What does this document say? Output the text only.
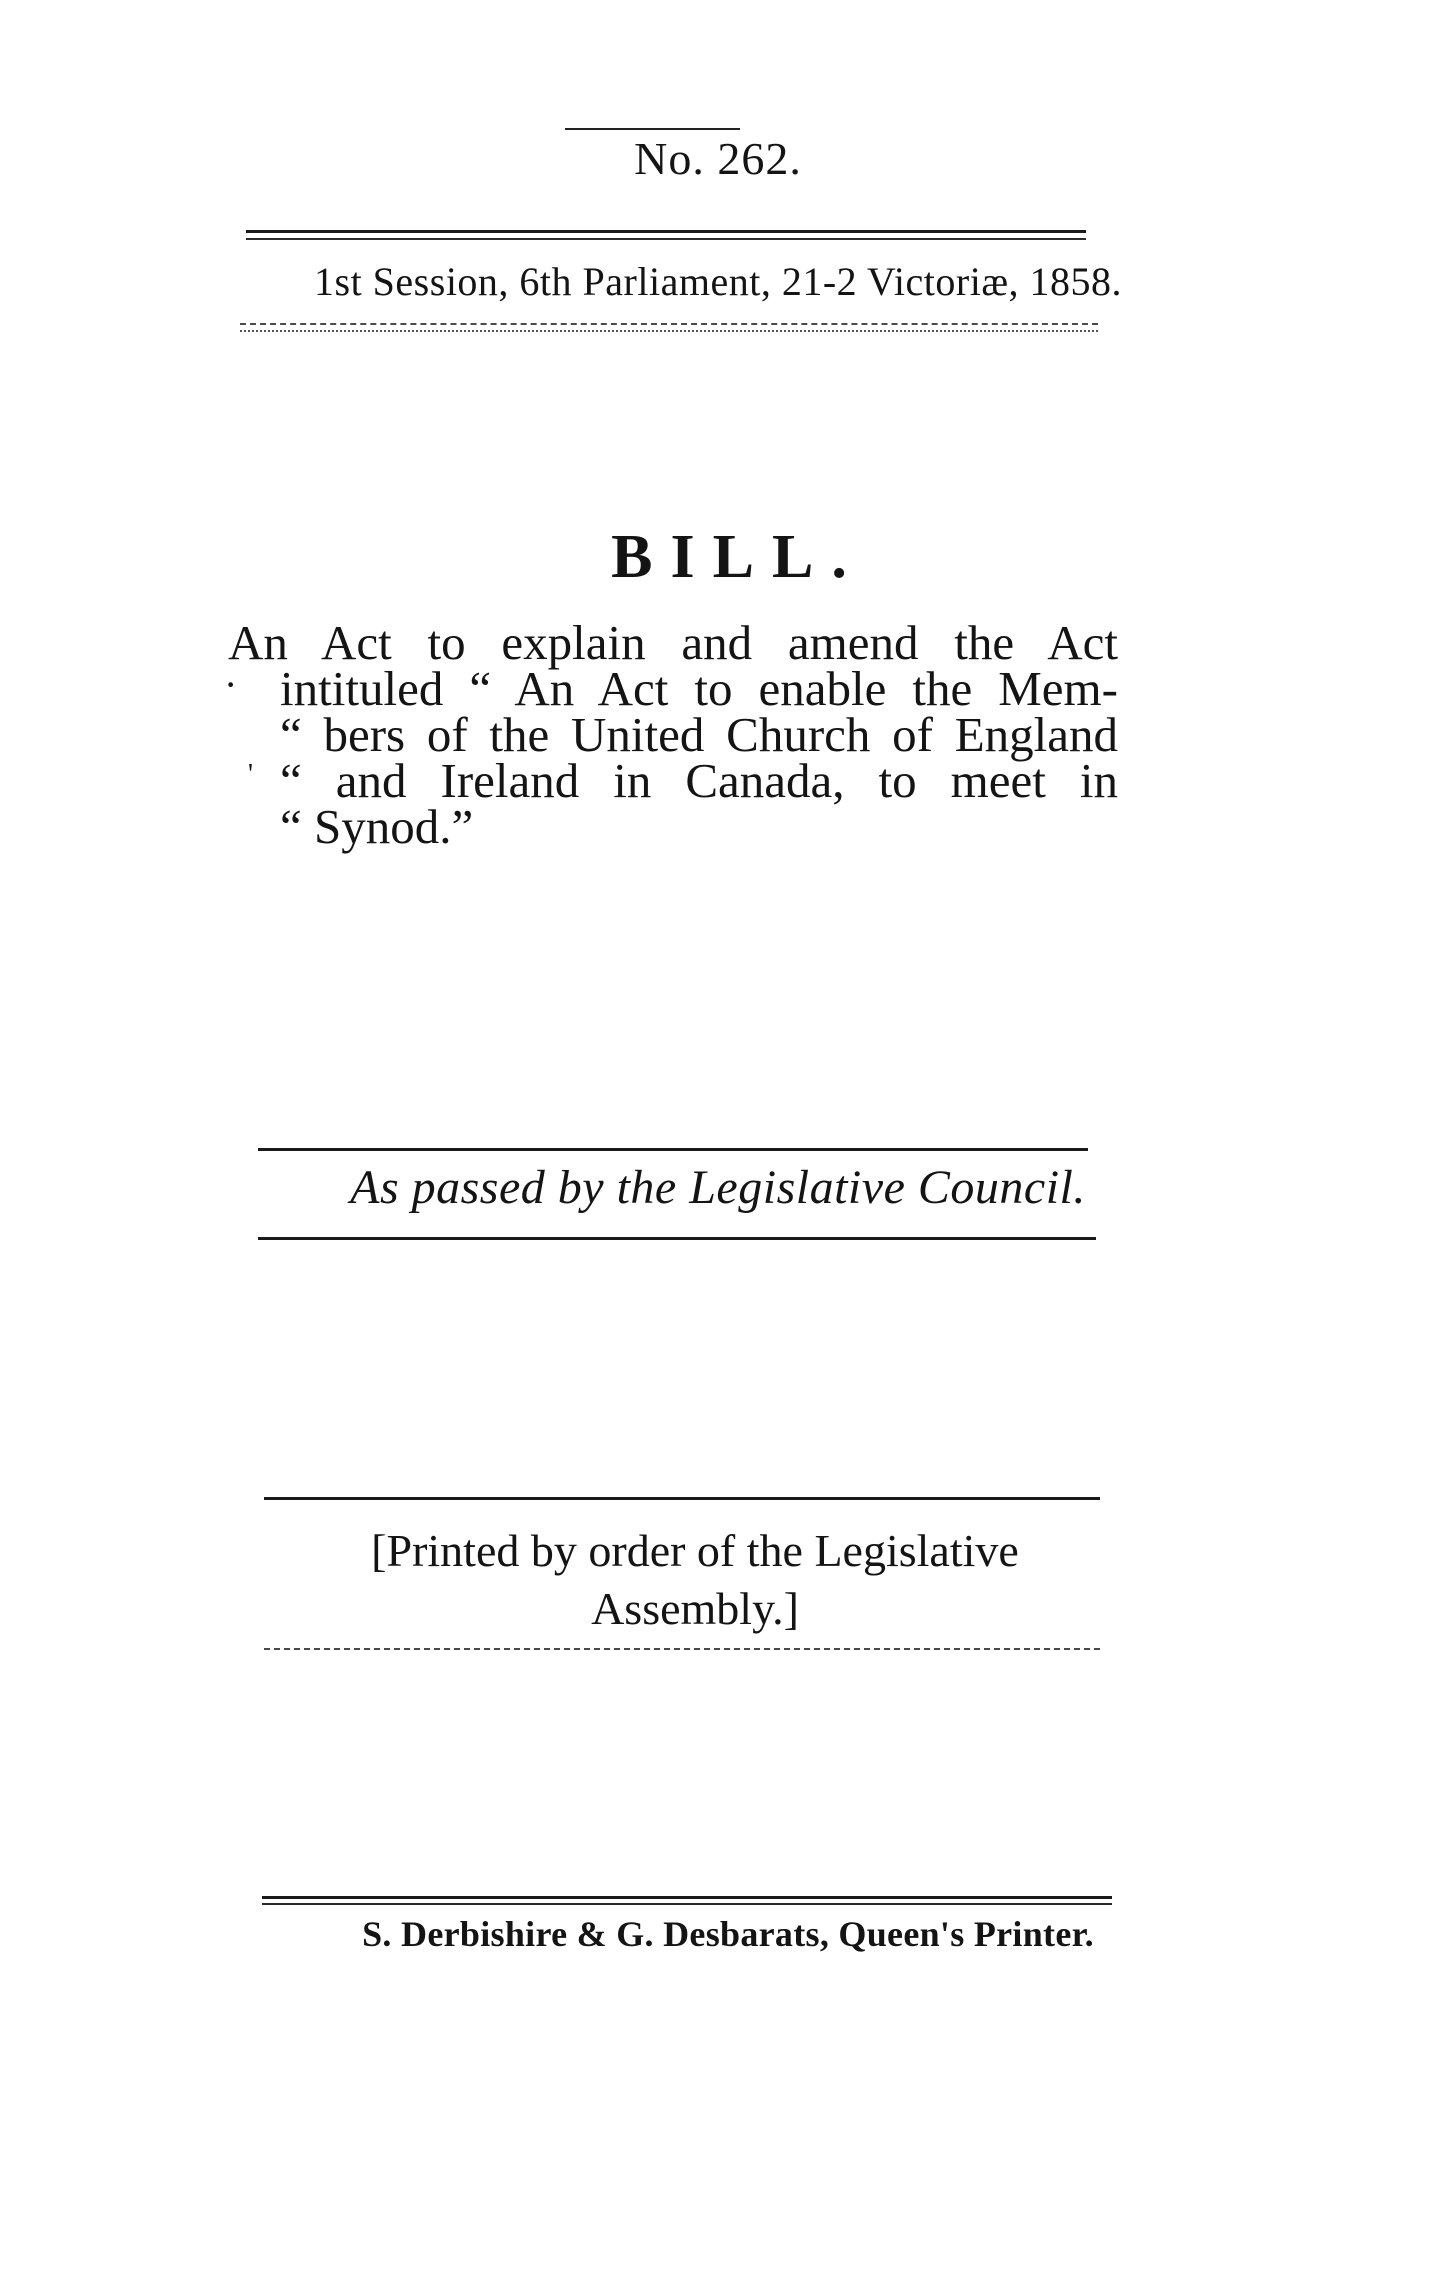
No. 262.
1st Session, 6th Parliament, 21-2 Victoriæ, 1858.
BILL.
An Act to explain and amend the Act
· intituled “ An Act to enable the Mem-
“ bers of the United Church of England
' “ and Ireland in Canada, to meet in
“ Synod.”
As passed by the Legislative Council.
[Printed by order of the Legislative
Assembly.]
S. Derbishire & G. Desbarats, Queen's Printer.
